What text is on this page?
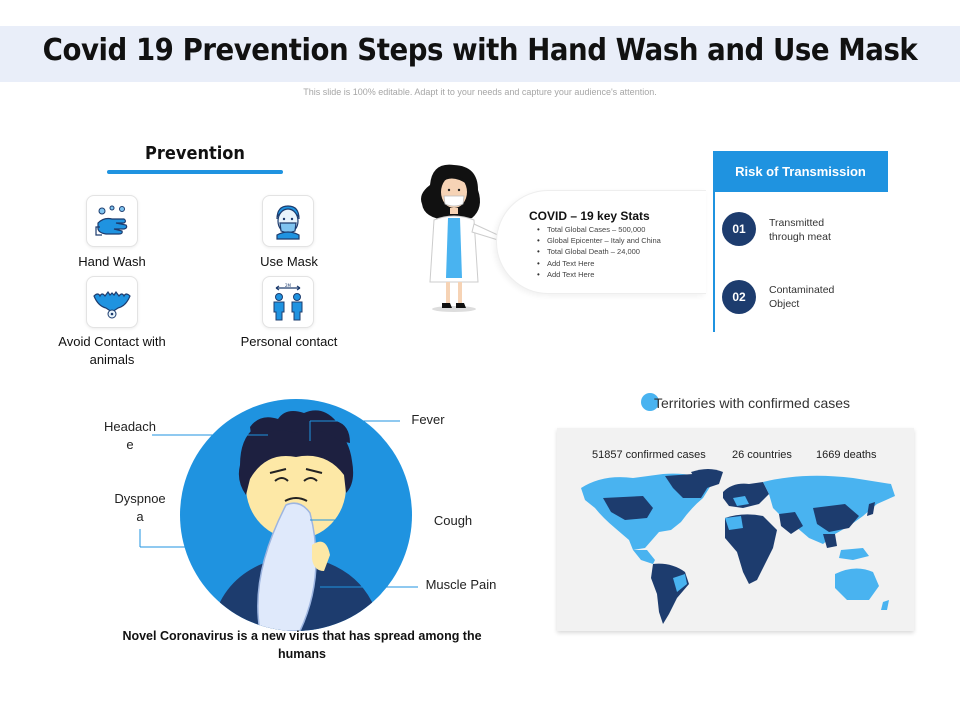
Covid 19 Prevention Steps with Hand Wash and Use Mask
This slide is 100% editable. Adapt it to your needs and capture your audience's attention.
Prevention
Hand Wash	Use Mask
Avoid Contact with animals
2M
Personal contact
COVID – 19 key Stats
• Total Global Cases – 500,000
• Global Epicenter – Italy and China
• Total Global Death – 24,000
• Add Text Here
• Add Text Here
Risk of Transmission
01	Transmitted
through meat
02	Contaminated
Object
Headach
e
Dyspnoe
a
Fever
Cough
Muscle Pain
Novel Coronavirus is a new virus that has spread among the
humans
Territories with confirmed cases
51857 confirmed cases 26 countries 1669 deaths
